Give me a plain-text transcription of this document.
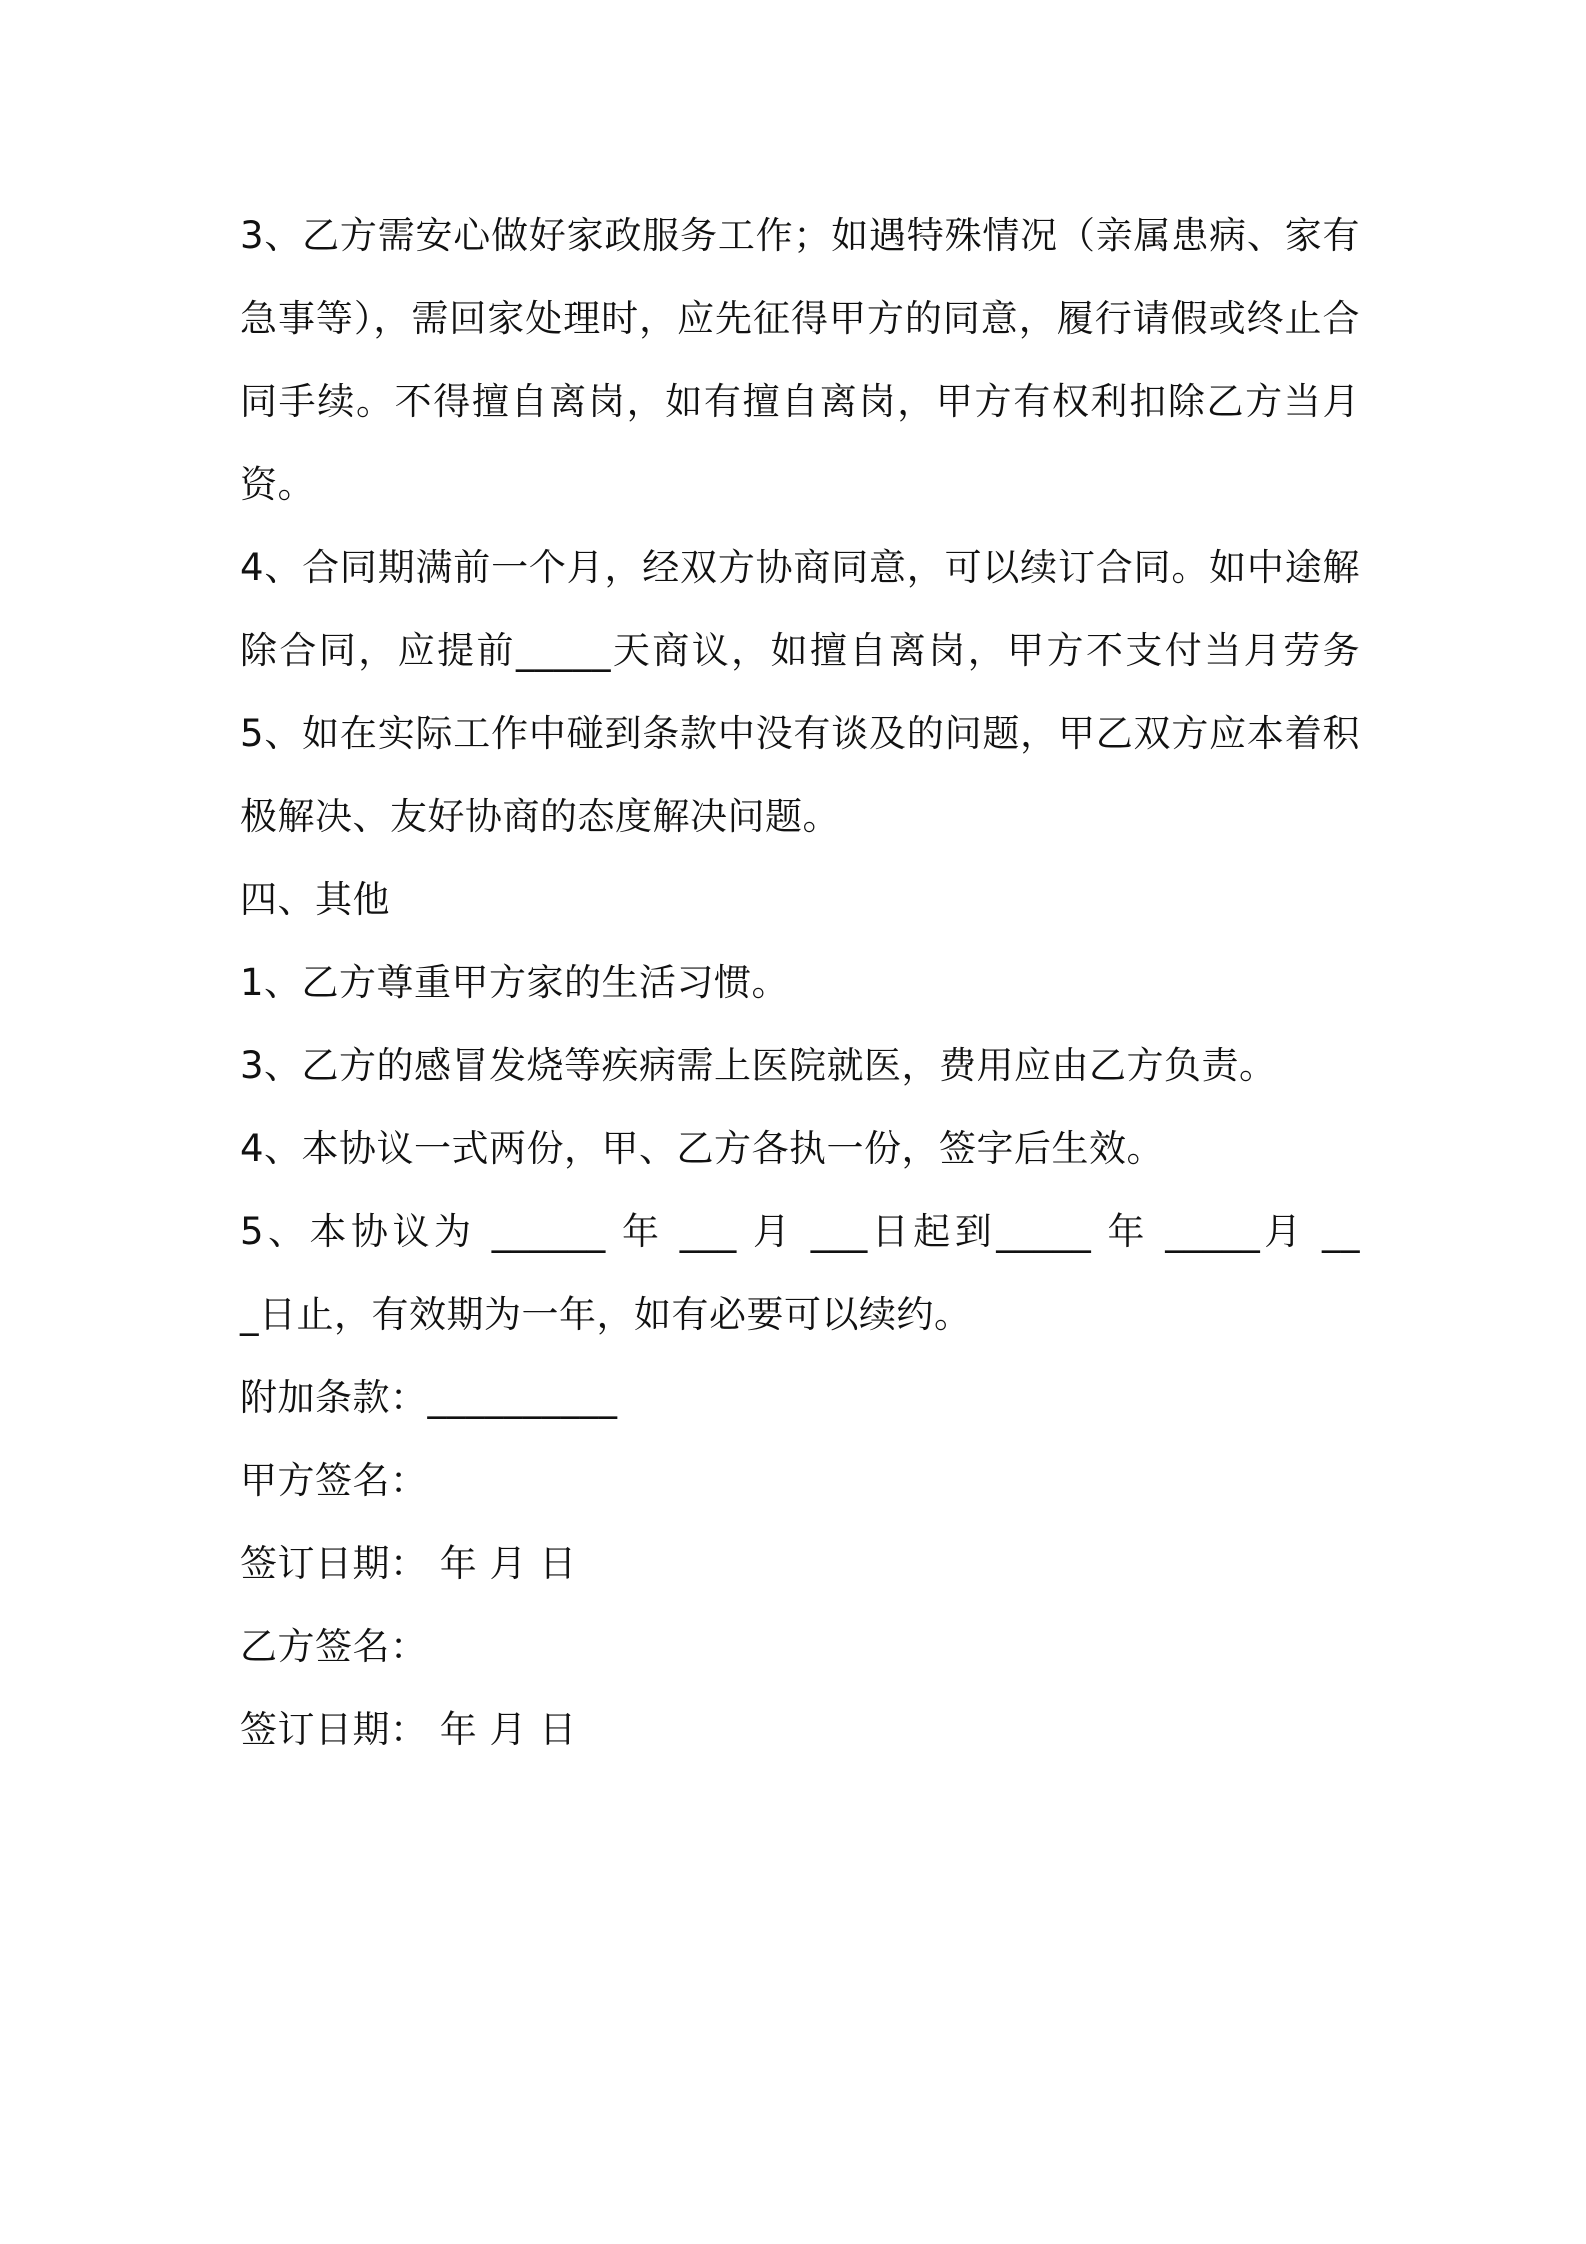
3、乙方需安心做好家政服务工作；如遇特殊情况（亲属患病、家有
急事等），需回家处理时，应先征得甲方的同意，履行请假或终止合
同手续。不得擅自离岗，如有擅自离岗，甲方有权利扣除乙方当月
资。
4、合同期满前一个月，经双方协商同意，可以续订合同。如中途解
除合同，应提前_____天商议，如擅自离岗，甲方不支付当月劳务
5、如在实际工作中碰到条款中没有谈及的问题，甲乙双方应本着积
极解决、友好协商的态度解决问题。
四、其他
1、乙方尊重甲方家的生活习惯。
3、乙方的感冒发烧等疾病需上医院就医，费用应由乙方负责。
4、本协议一式两份，甲、乙方各执一份，签字后生效。
5、本协议为 ______ 年 ___ 月 ___日起到_____ 年 _____月 __
_日止，有效期为一年，如有必要可以续约。
附加条款：__________
甲方签名：
签订日期： 年 月 日
乙方签名：
签订日期： 年 月 日
